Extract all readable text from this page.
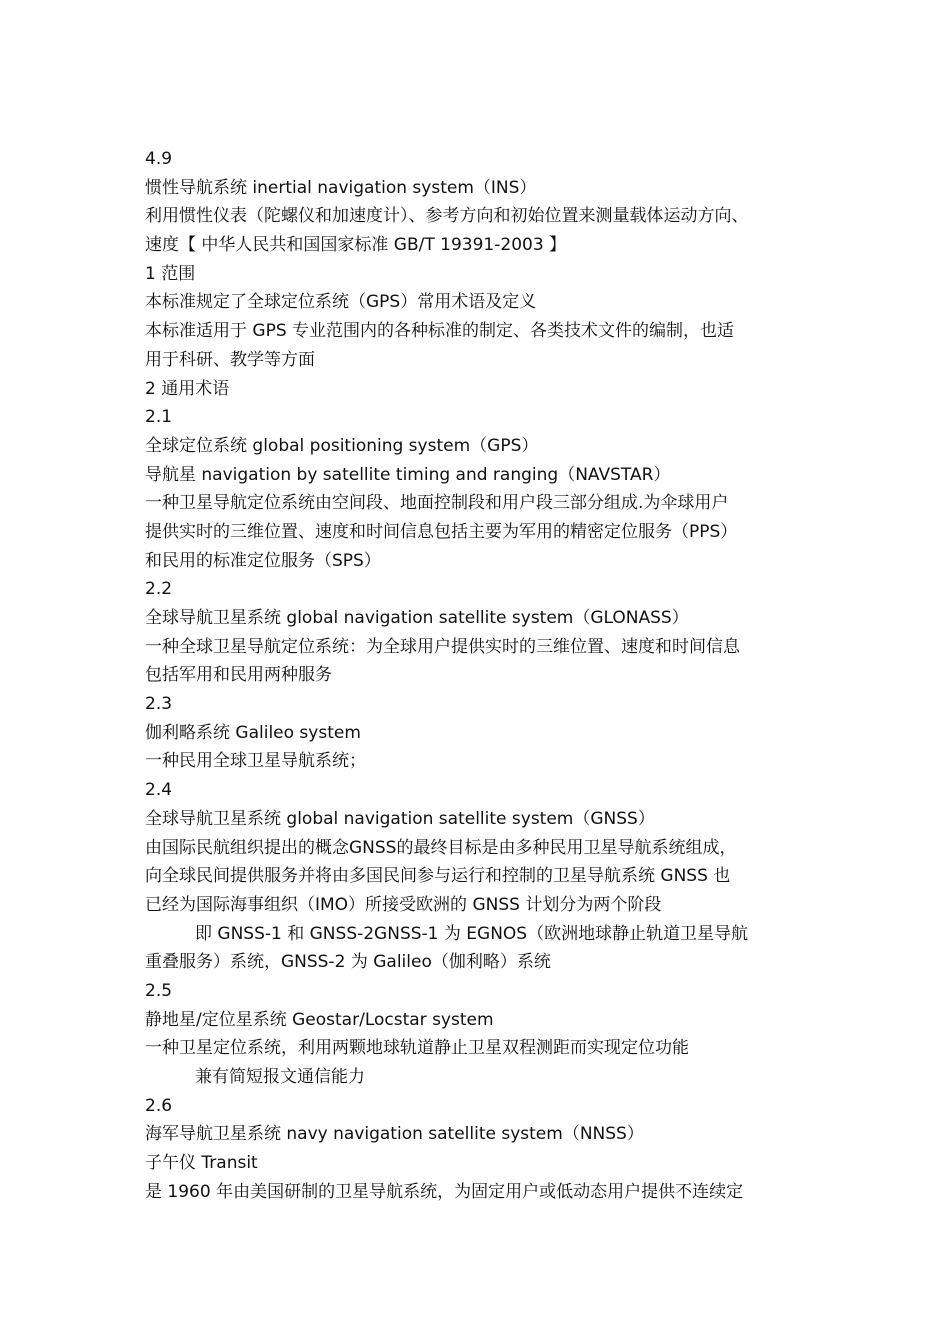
4.9
惯性导航系统 inertial navigation system（INS）
利用惯性仪表（陀螺仪和加速度计）、参考方向和初始位置来测量载体运动方向、
速度【 中华人民共和国国家标准 GB/T 19391-2003 】
1 范围
本标准规定了全球定位系统（GPS）常用术语及定义
本标准适用于 GPS 专业范围内的各种标准的制定、各类技术文件的编制，也适
用于科研、教学等方面
2 通用术语
2.1
全球定位系统 global positioning system（GPS）
导航星 navigation by satellite timing and ranging（NAVSTAR）
一种卫星导航定位系统由空间段、地面控制段和用户段三部分组成.为伞球用户
提供实时的三维位置、速度和时间信息包括主要为军用的精密定位服务（PPS）
和民用的标准定位服务（SPS）
2.2
全球导航卫星系统 global navigation satellite system（GLONASS）
一种全球卫星导航定位系统：为全球用户提供实时的三维位置、速度和时间信息
包括军用和民用两种服务
2.3
伽利略系统 Galileo system
一种民用全球卫星导航系统；
2.4
全球导航卫星系统 global navigation satellite system（GNSS）
由国际民航组织提出的概念GNSS的最终目标是由多种民用卫星导航系统组成，
向全球民间提供服务并将由多国民间参与运行和控制的卫星导航系统 GNSS 也
已经为国际海事组织（IMO）所接受欧洲的 GNSS 计划分为两个阶段
即 GNSS-1 和 GNSS-2GNSS-1 为 EGNOS（欧洲地球静止轨道卫星导航
重叠服务）系统，GNSS-2 为 Galileo（伽利略）系统
2.5
静地星/定位星系统 Geostar/Locstar system
一种卫星定位系统，利用两颗地球轨道静止卫星双程测距而实现定位功能
兼有简短报文通信能力
2.6
海军导航卫星系统 navy navigation satellite system（NNSS）
子午仪 Transit
是 1960 年由美国研制的卫星导航系统，为固定用户或低动态用户提供不连续定
